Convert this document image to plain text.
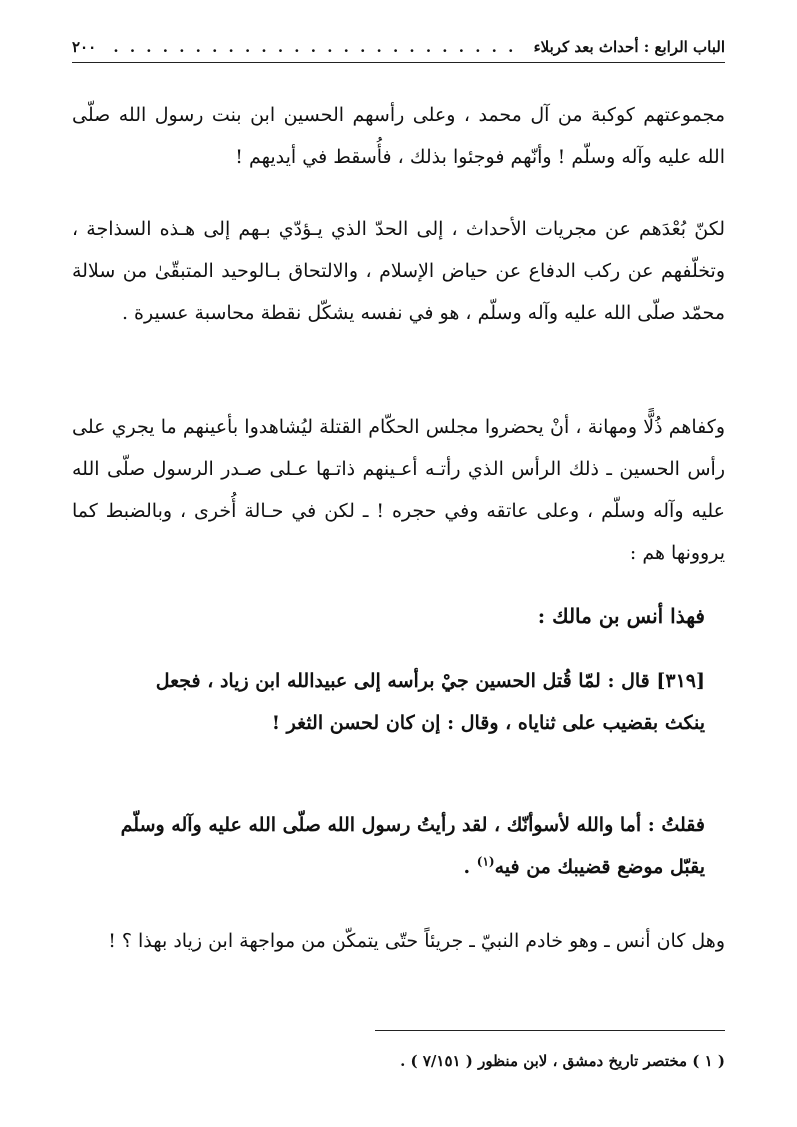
الباب الرابع : أحداث بعد كربلاء
. . . . . . . . . . . . . . . . . . . . . . . . .
٢٠٠

مجموعتهم كوكبة من آل محمد ، وعلى رأسهم الحسين ابن بنت رسول الله صلّى الله عليه وآله وسلّم ! وأنّهم فوجئوا بذلك ، فأُسقط في أيديهم !

لكنّ بُعْدَهم عن مجريات الأحداث ، إلى الحدّ الذي يـؤدّي بـهم إلى هـذه السذاجة ، وتخلّفهم عن ركب الدفاع عن حياض الإسلام ، والالتحاق بـالوحيد المتبقّىٰ من سلالة محمّد صلّى الله عليه وآله وسلّم ، هو في نفسه يشكّل نقطة محاسبة عسيرة .

وكفاهم ذُلًّا ومهانة ، أنْ يحضروا مجلس الحكّام القتلة ليُشاهدوا بأعينهم ما يجري على رأس الحسين ـ ذلك الرأس الذي رأتـه أعـينهم ذاتـها عـلى صـدر الرسول صلّى الله عليه وآله وسلّم ، وعلى عاتقه وفي حجره ! ـ لكن في حـالة أُخرى ، وبالضبط كما يروونها هم :

فهذا أنس بن مالك :

[٣١٩] قال : لمّا قُتل الحسين جيْ برأسه إلى عبيدالله ابن زياد ، فجعل ينكث بقضيب على ثناياه ، وقال : إن كان لحسن الثغر !

فقلتُ : أما والله لأسوأنّك ، لقد رأيتُ رسول الله صلّى الله عليه وآله وسلّم يقبّل موضع قضيبك من فيه$^{(١)}$ .

وهل كان أنس ـ وهو خادم النبيّ ـ جريئاً حتّى يتمكّن من مواجهة ابن زياد بهذا ؟ !

( ١ ) مختصر تاريخ دمشق ، لابن منظور ( ٧/١٥١ ) .
